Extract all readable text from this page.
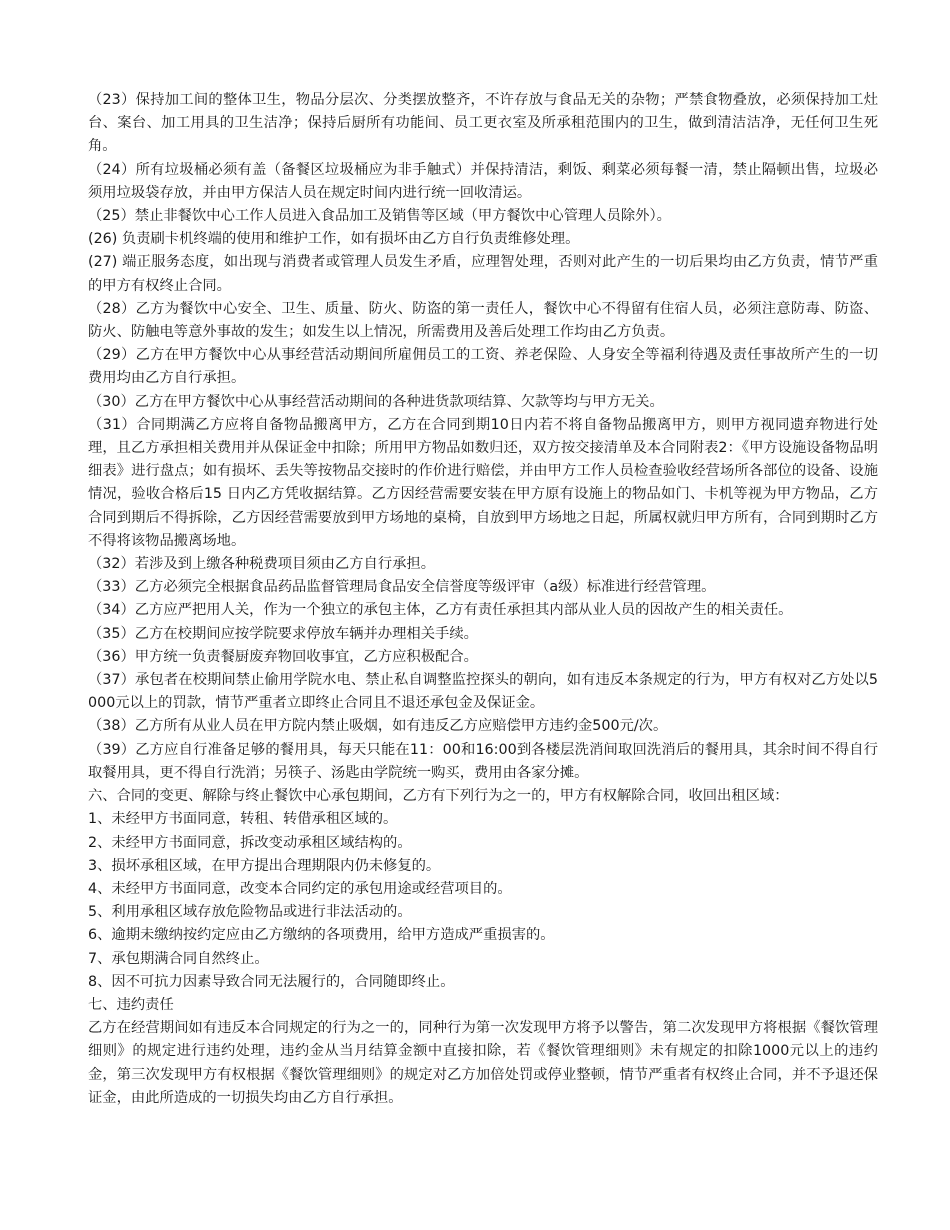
（23）保持加工间的整体卫生，物品分层次、分类摆放整齐，不许存放与食品无关的杂物；严禁食物叠放，必须保持加工灶台、案台、加工用具的卫生洁净；保持后厨所有功能间、员工更衣室及所承租范围内的卫生，做到清洁洁净，无任何卫生死角。

（24）所有垃圾桶必须有盖（备餐区垃圾桶应为非手触式）并保持清洁，剩饭、剩菜必须每餐一清，禁止隔顿出售，垃圾必须用垃圾袋存放，并由甲方保洁人员在规定时间内进行统一回收清运。

（25）禁止非餐饮中心工作人员进入食品加工及销售等区域（甲方餐饮中心管理人员除外）。

(26) 负责刷卡机终端的使用和维护工作，如有损坏由乙方自行负责维修处理。

(27) 端正服务态度，如出现与消费者或管理人员发生矛盾，应理智处理，否则对此产生的一切后果均由乙方负责，情节严重的甲方有权终止合同。

（28）乙方为餐饮中心安全、卫生、质量、防火、防盗的第一责任人，餐饮中心不得留有住宿人员，必须注意防毒、防盗、防火、防触电等意外事故的发生；如发生以上情况，所需费用及善后处理工作均由乙方负责。

（29）乙方在甲方餐饮中心从事经营活动期间所雇佣员工的工资、养老保险、人身安全等福利待遇及责任事故所产生的一切费用均由乙方自行承担。

（30）乙方在甲方餐饮中心从事经营活动期间的各种进货款项结算、欠款等均与甲方无关。

（31）合同期满乙方应将自备物品搬离甲方，乙方在合同到期10日内若不将自备物品搬离甲方，则甲方视同遗弃物进行处理，且乙方承担相关费用并从保证金中扣除；所用甲方物品如数归还，双方按交接清单及本合同附表2：《甲方设施设备物品明细表》进行盘点；如有损坏、丢失等按物品交接时的作价进行赔偿，并由甲方工作人员检查验收经营场所各部位的设备、设施情况，验收合格后15 日内乙方凭收据结算。乙方因经营需要安装在甲方原有设施上的物品如门、卡机等视为甲方物品，乙方合同到期后不得拆除，乙方因经营需要放到甲方场地的桌椅，自放到甲方场地之日起，所属权就归甲方所有，合同到期时乙方不得将该物品搬离场地。

（32）若涉及到上缴各种税费项目须由乙方自行承担。

（33）乙方必须完全根据食品药品监督管理局食品安全信誉度等级评审（a级）标准进行经营管理。

（34）乙方应严把用人关，作为一个独立的承包主体，乙方有责任承担其内部从业人员的因故产生的相关责任。

（35）乙方在校期间应按学院要求停放车辆并办理相关手续。

（36）甲方统一负责餐厨废弃物回收事宜，乙方应积极配合。

（37）承包者在校期间禁止偷用学院水电、禁止私自调整监控探头的朝向，如有违反本条规定的行为，甲方有权对乙方处以5000元以上的罚款，情节严重者立即终止合同且不退还承包金及保证金。

（38）乙方所有从业人员在甲方院内禁止吸烟，如有违反乙方应赔偿甲方违约金500元/次。

（39）乙方应自行准备足够的餐用具，每天只能在11：00和16:00到各楼层洗消间取回洗消后的餐用具，其余时间不得自行取餐用具，更不得自行洗消；另筷子、汤匙由学院统一购买，费用由各家分摊。

六、合同的变更、解除与终止餐饮中心承包期间，乙方有下列行为之一的，甲方有权解除合同，收回出租区域：

1、未经甲方书面同意，转租、转借承租区域的。

2、未经甲方书面同意，拆改变动承租区域结构的。

3、损坏承租区域，在甲方提出合理期限内仍未修复的。

4、未经甲方书面同意，改变本合同约定的承包用途或经营项目的。

5、利用承租区域存放危险物品或进行非法活动的。

6、逾期未缴纳按约定应由乙方缴纳的各项费用，给甲方造成严重损害的。

7、承包期满合同自然终止。

8、因不可抗力因素导致合同无法履行的，合同随即终止。

七、违约责任

乙方在经营期间如有违反本合同规定的行为之一的，同种行为第一次发现甲方将予以警告，第二次发现甲方将根据《餐饮管理细则》的规定进行违约处理，违约金从当月结算金额中直接扣除，若《餐饮管理细则》未有规定的扣除1000元以上的违约金，第三次发现甲方有权根据《餐饮管理细则》的规定对乙方加倍处罚或停业整顿，情节严重者有权终止合同，并不予退还保证金，由此所造成的一切损失均由乙方自行承担。
